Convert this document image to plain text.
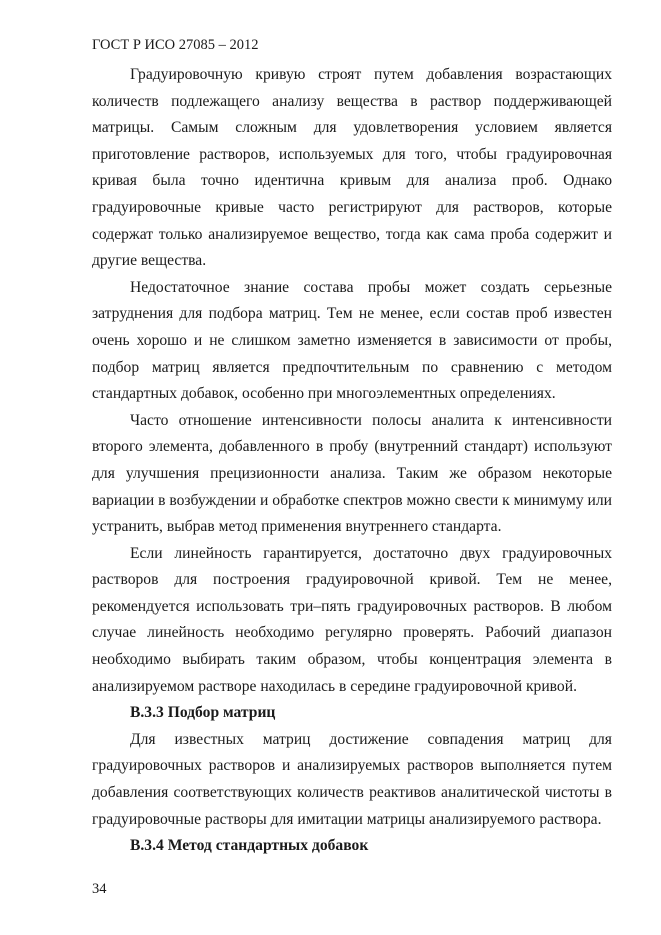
ГОСТ Р ИСО 27085 – 2012

Градуировочную кривую строят путем добавления возрастающих количеств подлежащего анализу вещества в раствор поддерживающей матрицы. Самым сложным для удовлетворения условием является приготовление растворов, используемых для того, чтобы градуировочная кривая была точно идентична кривым для анализа проб. Однако градуировочные кривые часто регистрируют для растворов, которые содержат только анализируемое вещество, тогда как сама проба содержит и другие вещества.

Недостаточное знание состава пробы может создать серьезные затруднения для подбора матриц. Тем не менее, если состав проб известен очень хорошо и не слишком заметно изменяется в зависимости от пробы, подбор матриц является предпочтительным по сравнению с методом стандартных добавок, особенно при многоэлементных определениях.

Часто отношение интенсивности полосы аналита к интенсивности второго элемента, добавленного в пробу (внутренний стандарт) используют для улучшения прецизионности анализа. Таким же образом некоторые вариации в возбуждении и обработке спектров можно свести к минимуму или устранить, выбрав метод применения внутреннего стандарта.

Если линейность гарантируется, достаточно двух градуировочных растворов для построения градуировочной кривой. Тем не менее, рекомендуется использовать три–пять градуировочных растворов. В любом случае линейность необходимо регулярно проверять. Рабочий диапазон необходимо выбирать таким образом, чтобы концентрация элемента в анализируемом растворе находилась в середине градуировочной кривой.

В.3.3 Подбор матриц

Для известных матриц достижение совпадения матриц для градуировочных растворов и анализируемых растворов выполняется путем добавления соответствующих количеств реактивов аналитической чистоты в градуировочные растворы для имитации матрицы анализируемого раствора.

В.3.4 Метод стандартных добавок
34
